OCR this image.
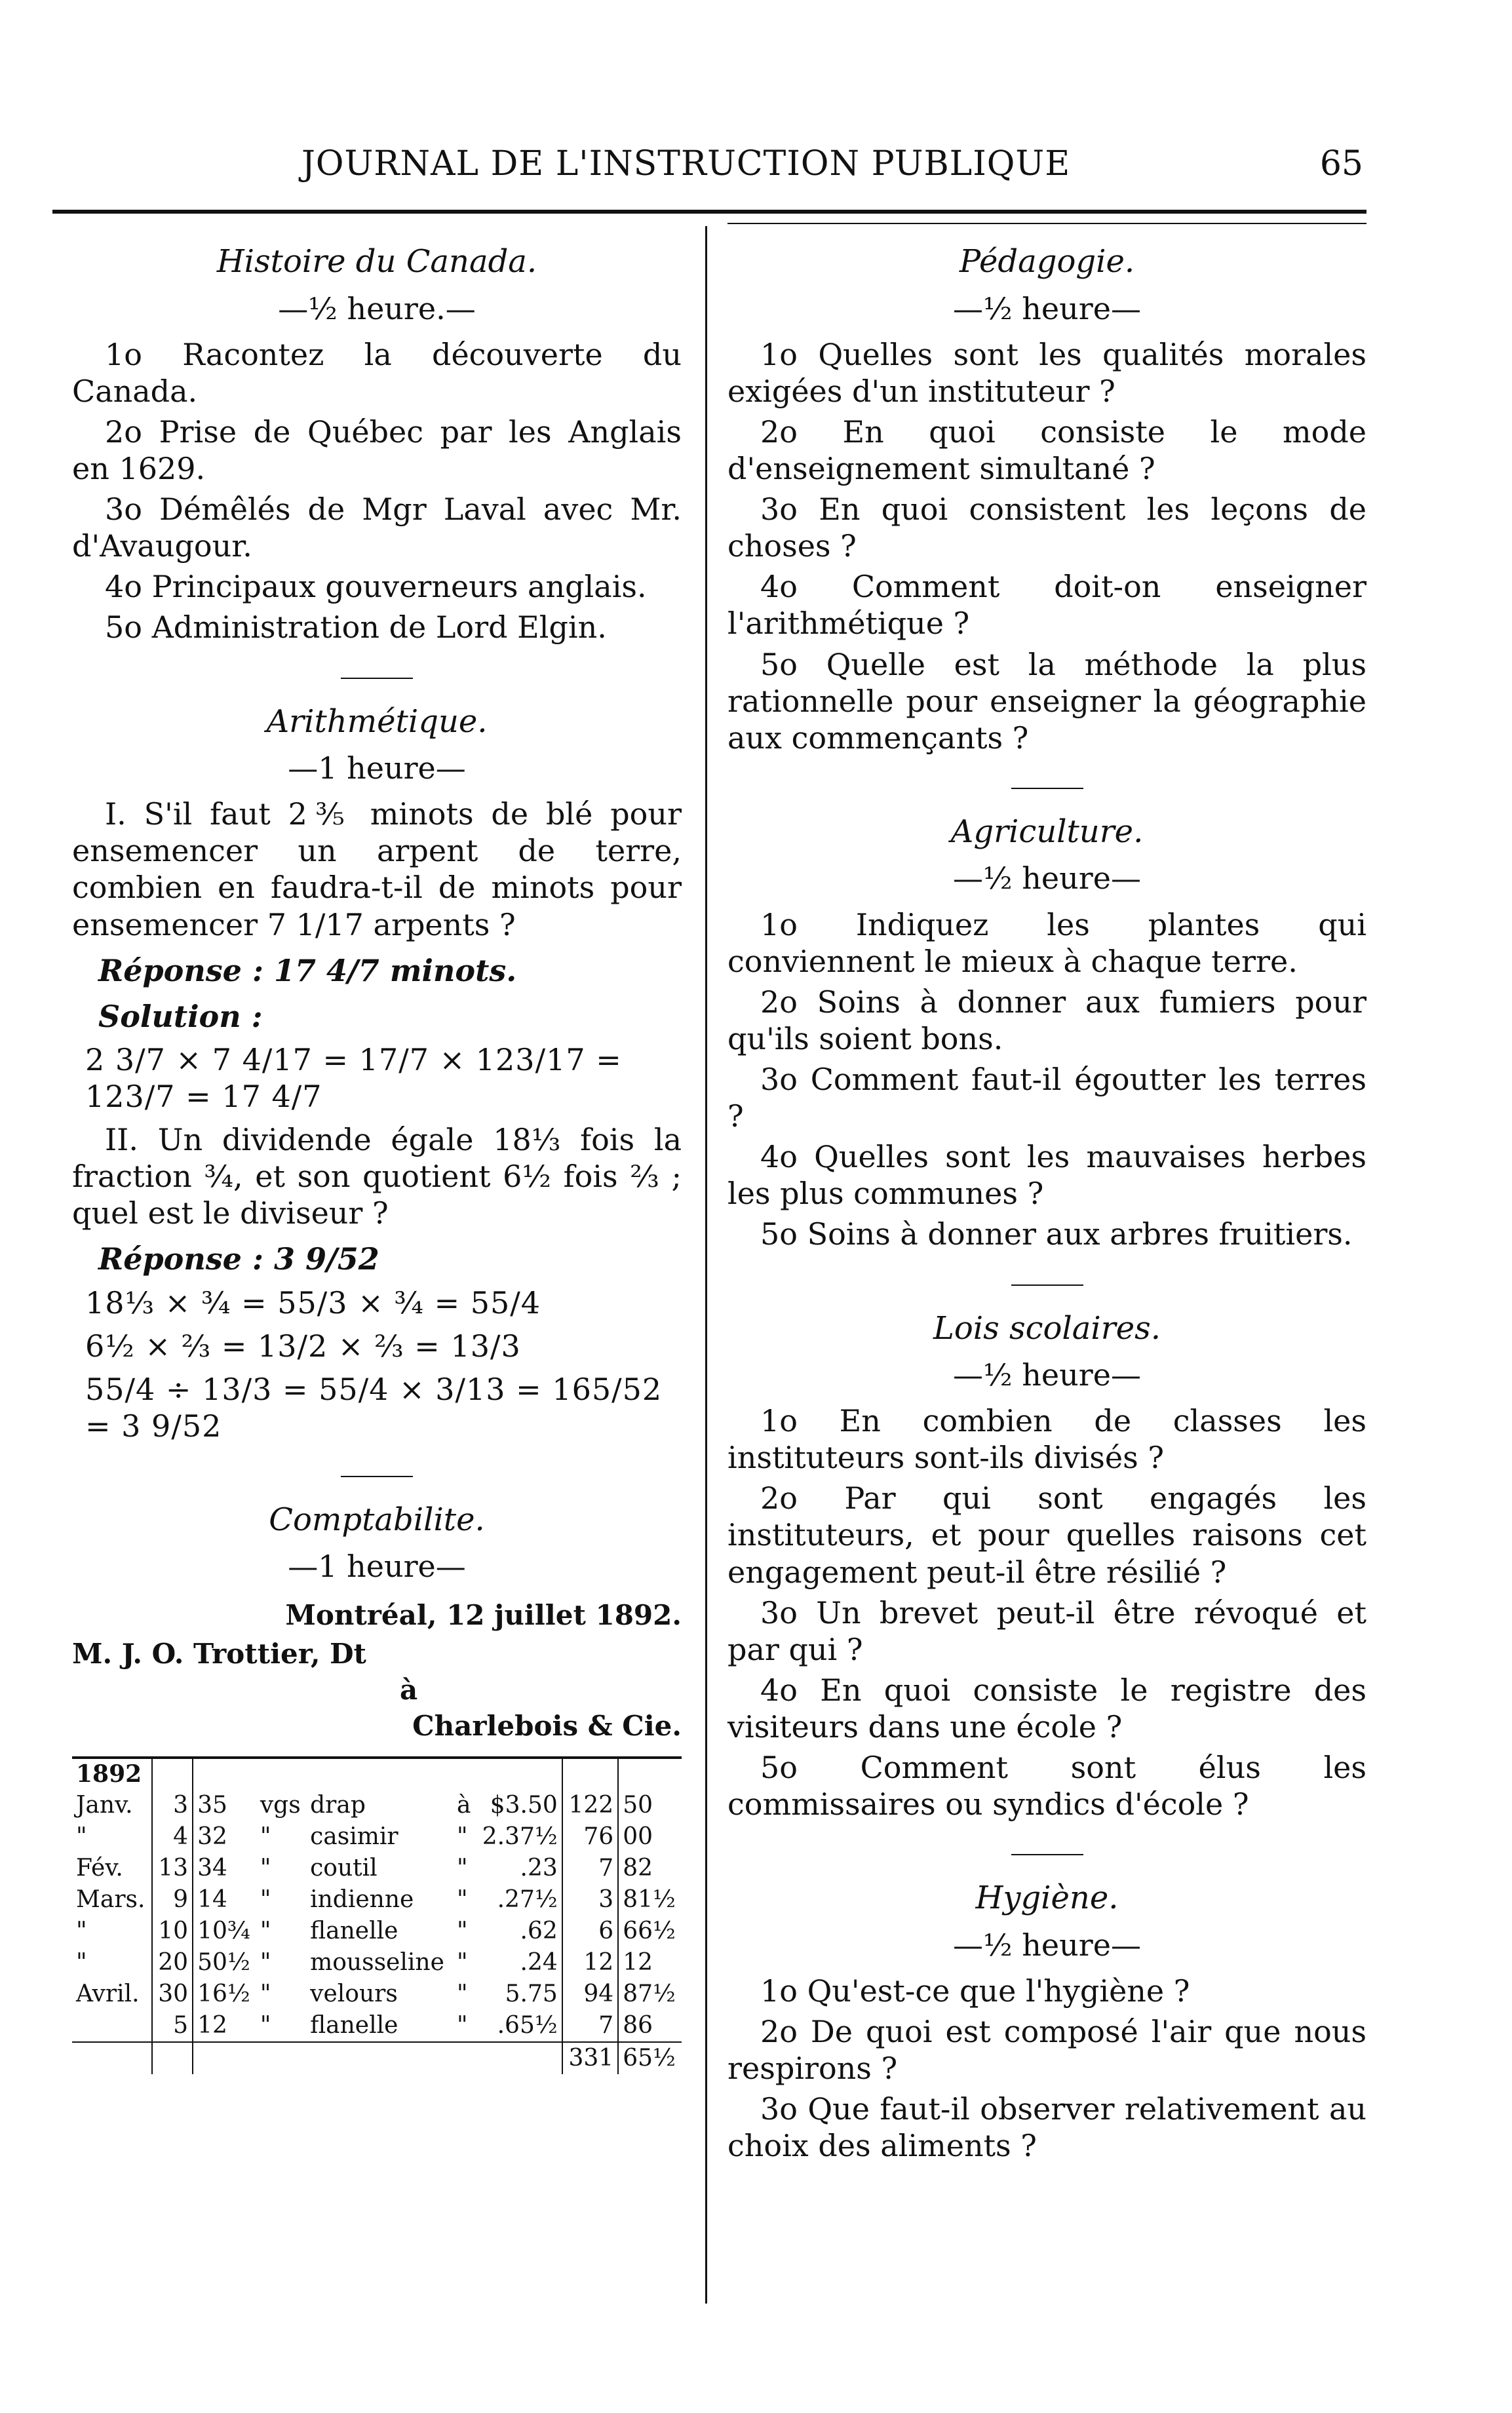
JOURNAL DE L'INSTRUCTION PUBLIQUE	65
Histoire du Canada.
—½ heure.—
1o Racontez la découverte du Canada.
2o Prise de Québec par les Anglais en 1629.
3o Démêlés de Mgr Laval avec Mr. d'Avaugour.
4o Principaux gouverneurs anglais.
5o Administration de Lord Elgin.
Arithmétique.
—1 heure—
I. S'il faut 2⅗ minots de blé pour ensemencer un arpent de terre, combien en faudra-t-il de minots pour ensemencer 7 1/17 arpents ?
Réponse : 17 4/7 minots.
Solution :
2 3/7 × 7 4/17 = 17/7 × 123/17 = 123/7 = 17 4/7
II. Un dividende égale 18⅓ fois la fraction ¾, et son quotient 6½ fois ⅔ ; quel est le diviseur ?
Réponse : 3 9/52
18⅓ × ¾ = 55/3 × ¾ = 55/4
6½ × ⅔ = 13/2 × ⅔ = 13/3
55/4 ÷ 13/3 = 55/4 × 3/13 = 165/52 = 3 9/52
Comptabilite.
—1 heure—
Montréal, 12 juillet 1892.
M. J. O. Trottier, Dt
à
Charlebois & Cie.
1892								
Janv.	3	35	vgs	drap	à	$3.50	122	50
"	4	32	"	casimir	"	2.37½	76	00
Fév.	13	34	"	coutil	"	.23	7	82
Mars.	9	14	"	indienne	"	.27½	3	81½
"	10	10¾	"	flanelle	"	.62	6	66½
"	20	50½	"	mousseline	"	.24	12	12
Avril.	30	16½	"	velours	"	5.75	94	87½
	5	12	"	flanelle	"	.65½	7	86
							331	65½
Pédagogie.
—½ heure—
1o Quelles sont les qualités morales exigées d'un instituteur ?
2o En quoi consiste le mode d'enseignement simultané ?
3o En quoi consistent les leçons de choses ?
4o Comment doit-on enseigner l'arithmétique ?
5o Quelle est la méthode la plus rationnelle pour enseigner la géographie aux commençants ?
Agriculture.
—½ heure—
1o Indiquez les plantes qui conviennent le mieux à chaque terre.
2o Soins à donner aux fumiers pour qu'ils soient bons.
3o Comment faut-il égoutter les terres ?
4o Quelles sont les mauvaises herbes les plus communes ?
5o Soins à donner aux arbres fruitiers.
Lois scolaires.
—½ heure—
1o En combien de classes les instituteurs sont-ils divisés ?
2o Par qui sont engagés les instituteurs, et pour quelles raisons cet engagement peut-il être résilié ?
3o Un brevet peut-il être révoqué et par qui ?
4o En quoi consiste le registre des visiteurs dans une école ?
5o Comment sont élus les commissaires ou syndics d'école ?
Hygiène.
—½ heure—
1o Qu'est-ce que l'hygiène ?
2o De quoi est composé l'air que nous respirons ?
3o Que faut-il observer relativement au choix des aliments ?
